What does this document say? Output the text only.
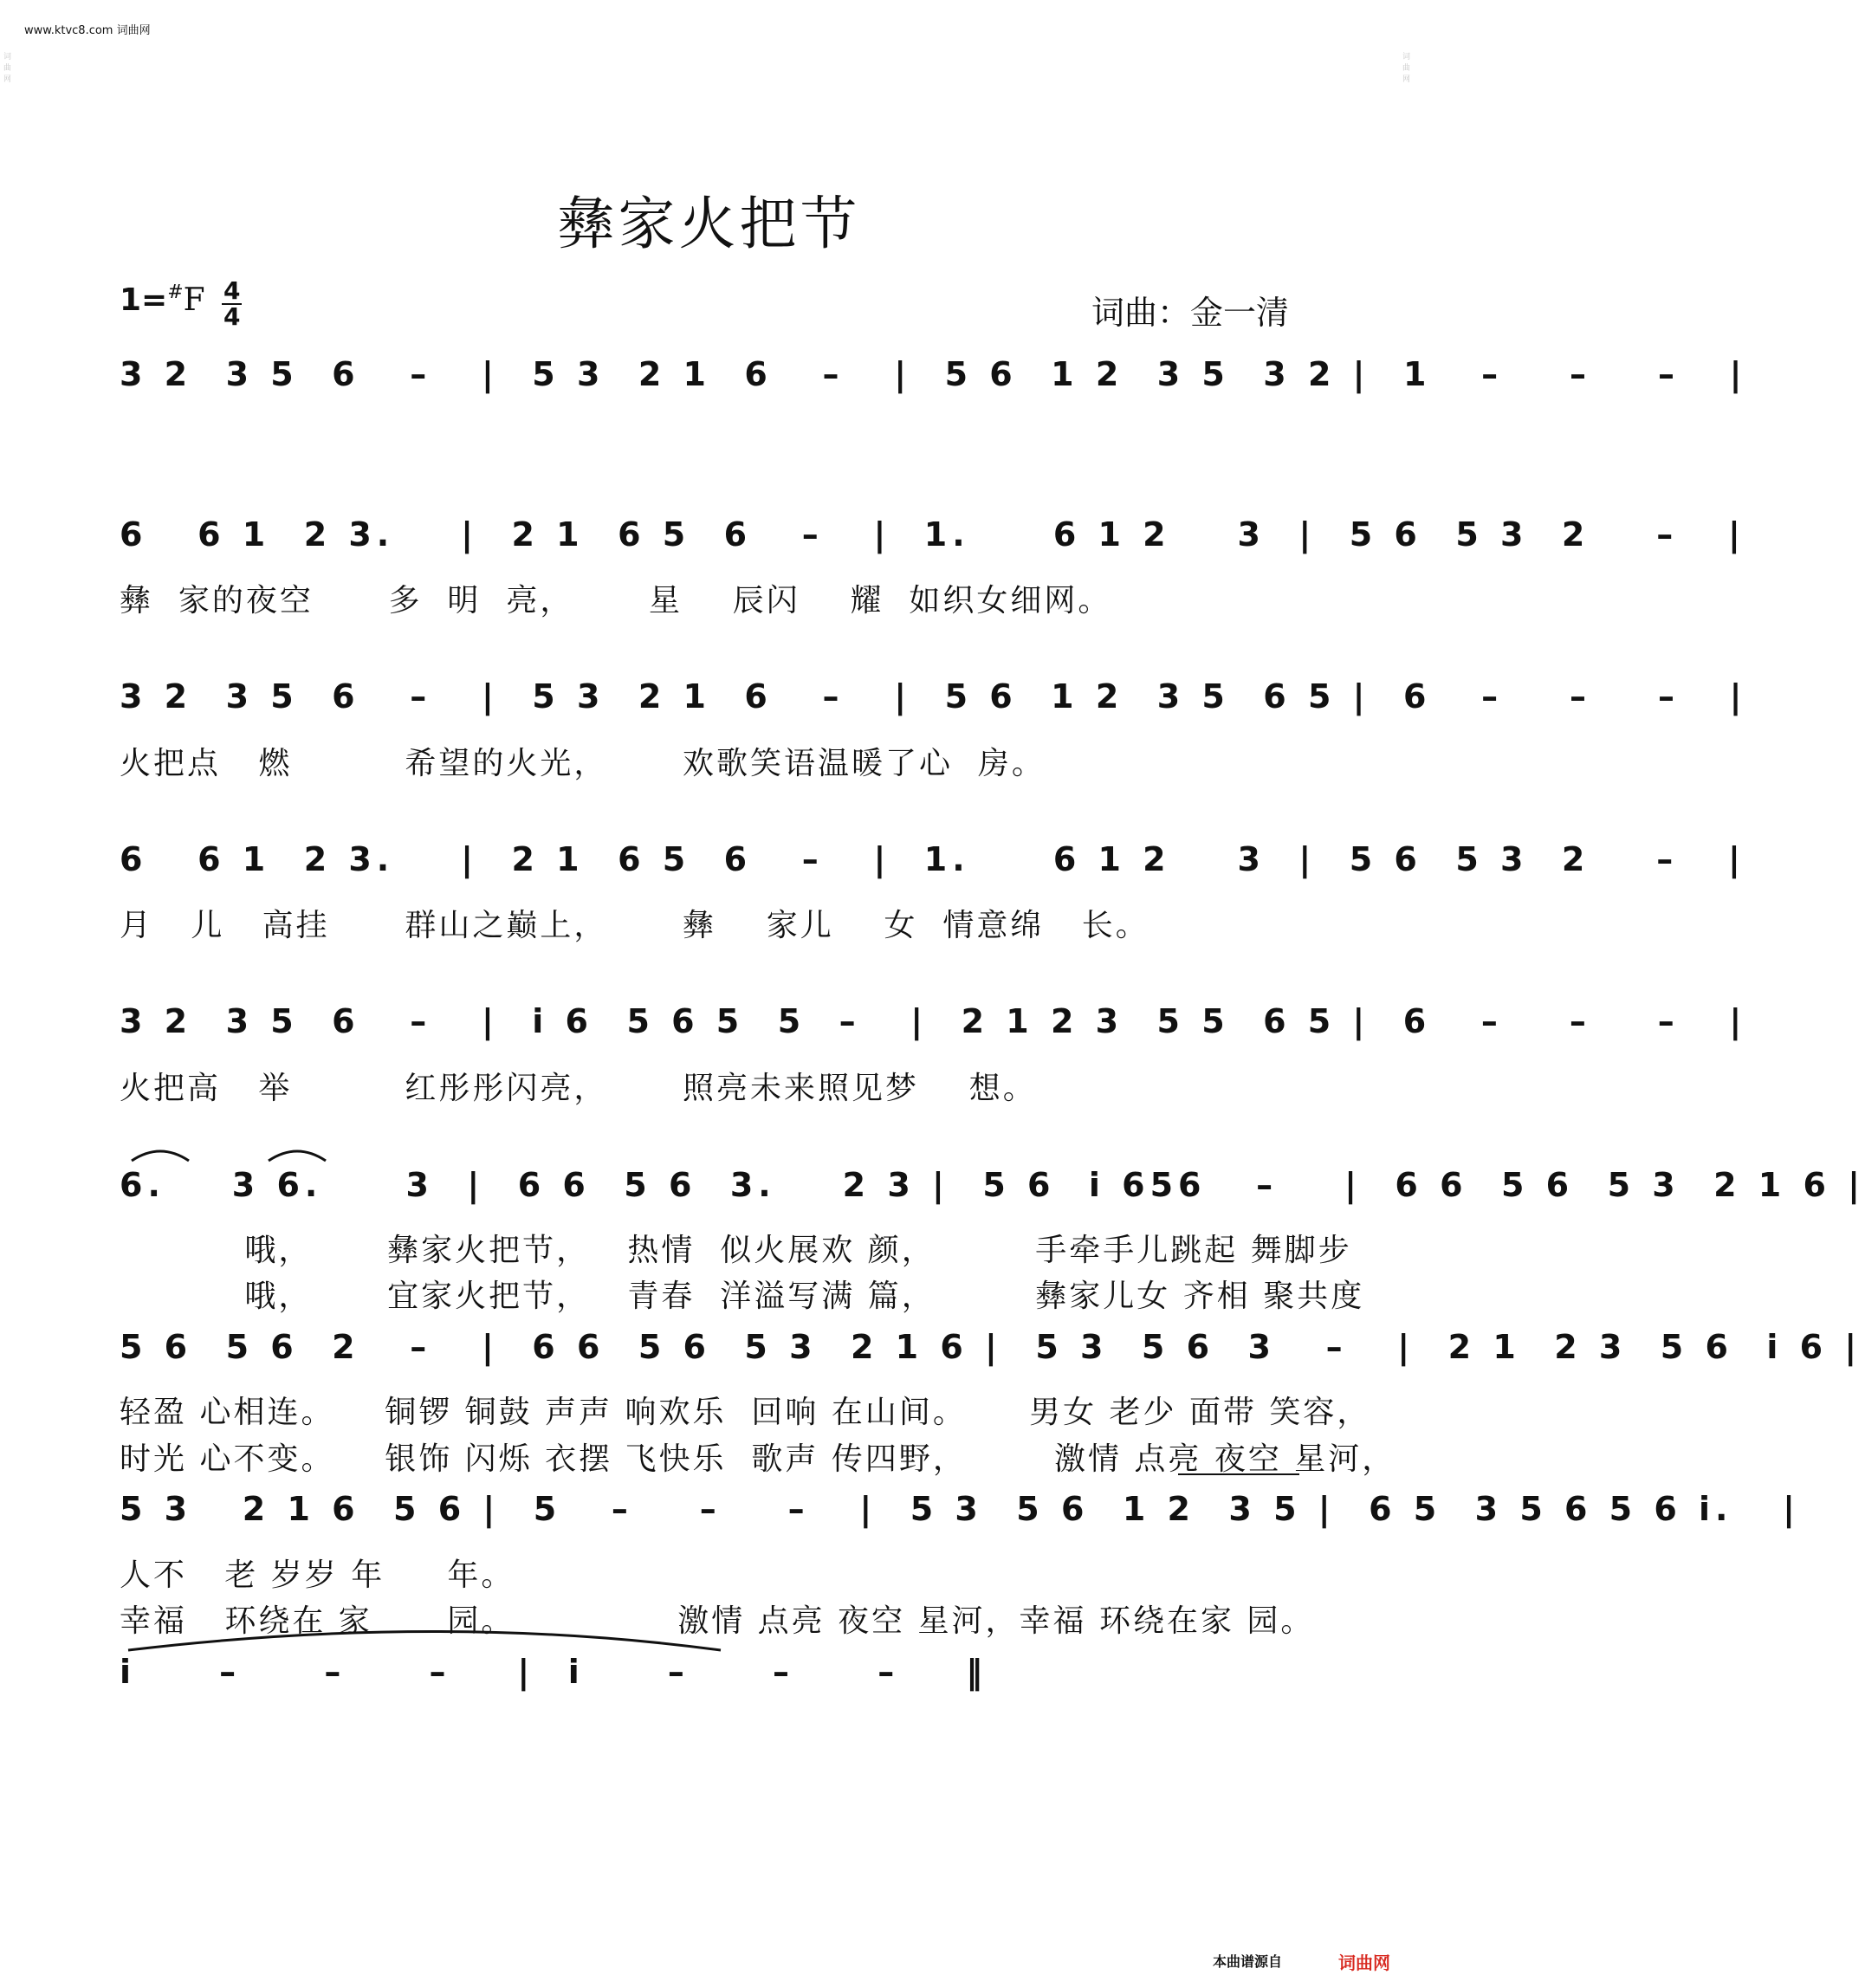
www.ktvc8.com 词曲网
词曲网
词曲网
彝家火把节
1=#F 4
4	词曲：金一清
3 2  3 5  6   –   |  5 3  2 1  6   –   |  5 6  1 2  3 5  3 2 |  1   –    –    –   |
6   6 1  2 3.    |  2 1  6 5  6   –   |  1.     6 1 2    3  |  5 6  5 3  2    –   |
彝  家的夜空      多  明  亮，      星    辰闪    耀  如织女细网。
3 2  3 5  6   –   |  5 3  2 1  6   –   |  5 6  1 2  3 5  6 5 |  6   –    –    –   |
火把点   燃         希望的火光，      欢歌笑语温暖了心  房。
6   6 1  2 3.    |  2 1  6 5  6   –   |  1.     6 1 2    3  |  5 6  5 3  2    –   |
月   儿   高挂      群山之巅上，      彝    家儿    女  情意绵   长。
3 2  3 5  6   –   |  i 6  5 6 5  5  –   |  2 1 2 3  5 5  6 5 |  6   –    –    –   |
火把高   举         红彤彤闪亮，      照亮未来照见梦    想。
6.    3 6.     3  |  6 6  5 6  3.    2 3 |  5 6  i 656   –    |  6 6  5 6  5 3  2 1 6 |
哦，      彝家火把节，   热情  似火展欢 颜，        手牵手儿跳起 舞脚步
哦，      宜家火把节，   青春  洋溢写满 篇，        彝家儿女 齐相 聚共度
5 6  5 6  2   –   |  6 6  5 6  5 3  2 1 6 |  5 3  5 6  3   –   |  2 1  2 3  5 6  i 6 |
轻盈 心相连。    铜锣 铜鼓 声声 响欢乐  回响 在山间。     男女 老少 面带 笑容，
时光 心不变。    银饰 闪烁 衣摆 飞快乐  歌声 传四野，       激情 点亮 夜空 星河，
5 3   2 1 6  5 6 |  5   –    –    –   |  5 3  5 6  1 2  3 5 |  6 5  3 5 6 5 6 i.   |
人不   老 岁岁 年     年。
幸福   环绕在 家      园。             激情 点亮 夜空 星河，幸福 环绕在家 园。
i     –     –     –    |  i     –     –     –    ‖
本曲谱源自	词曲网
